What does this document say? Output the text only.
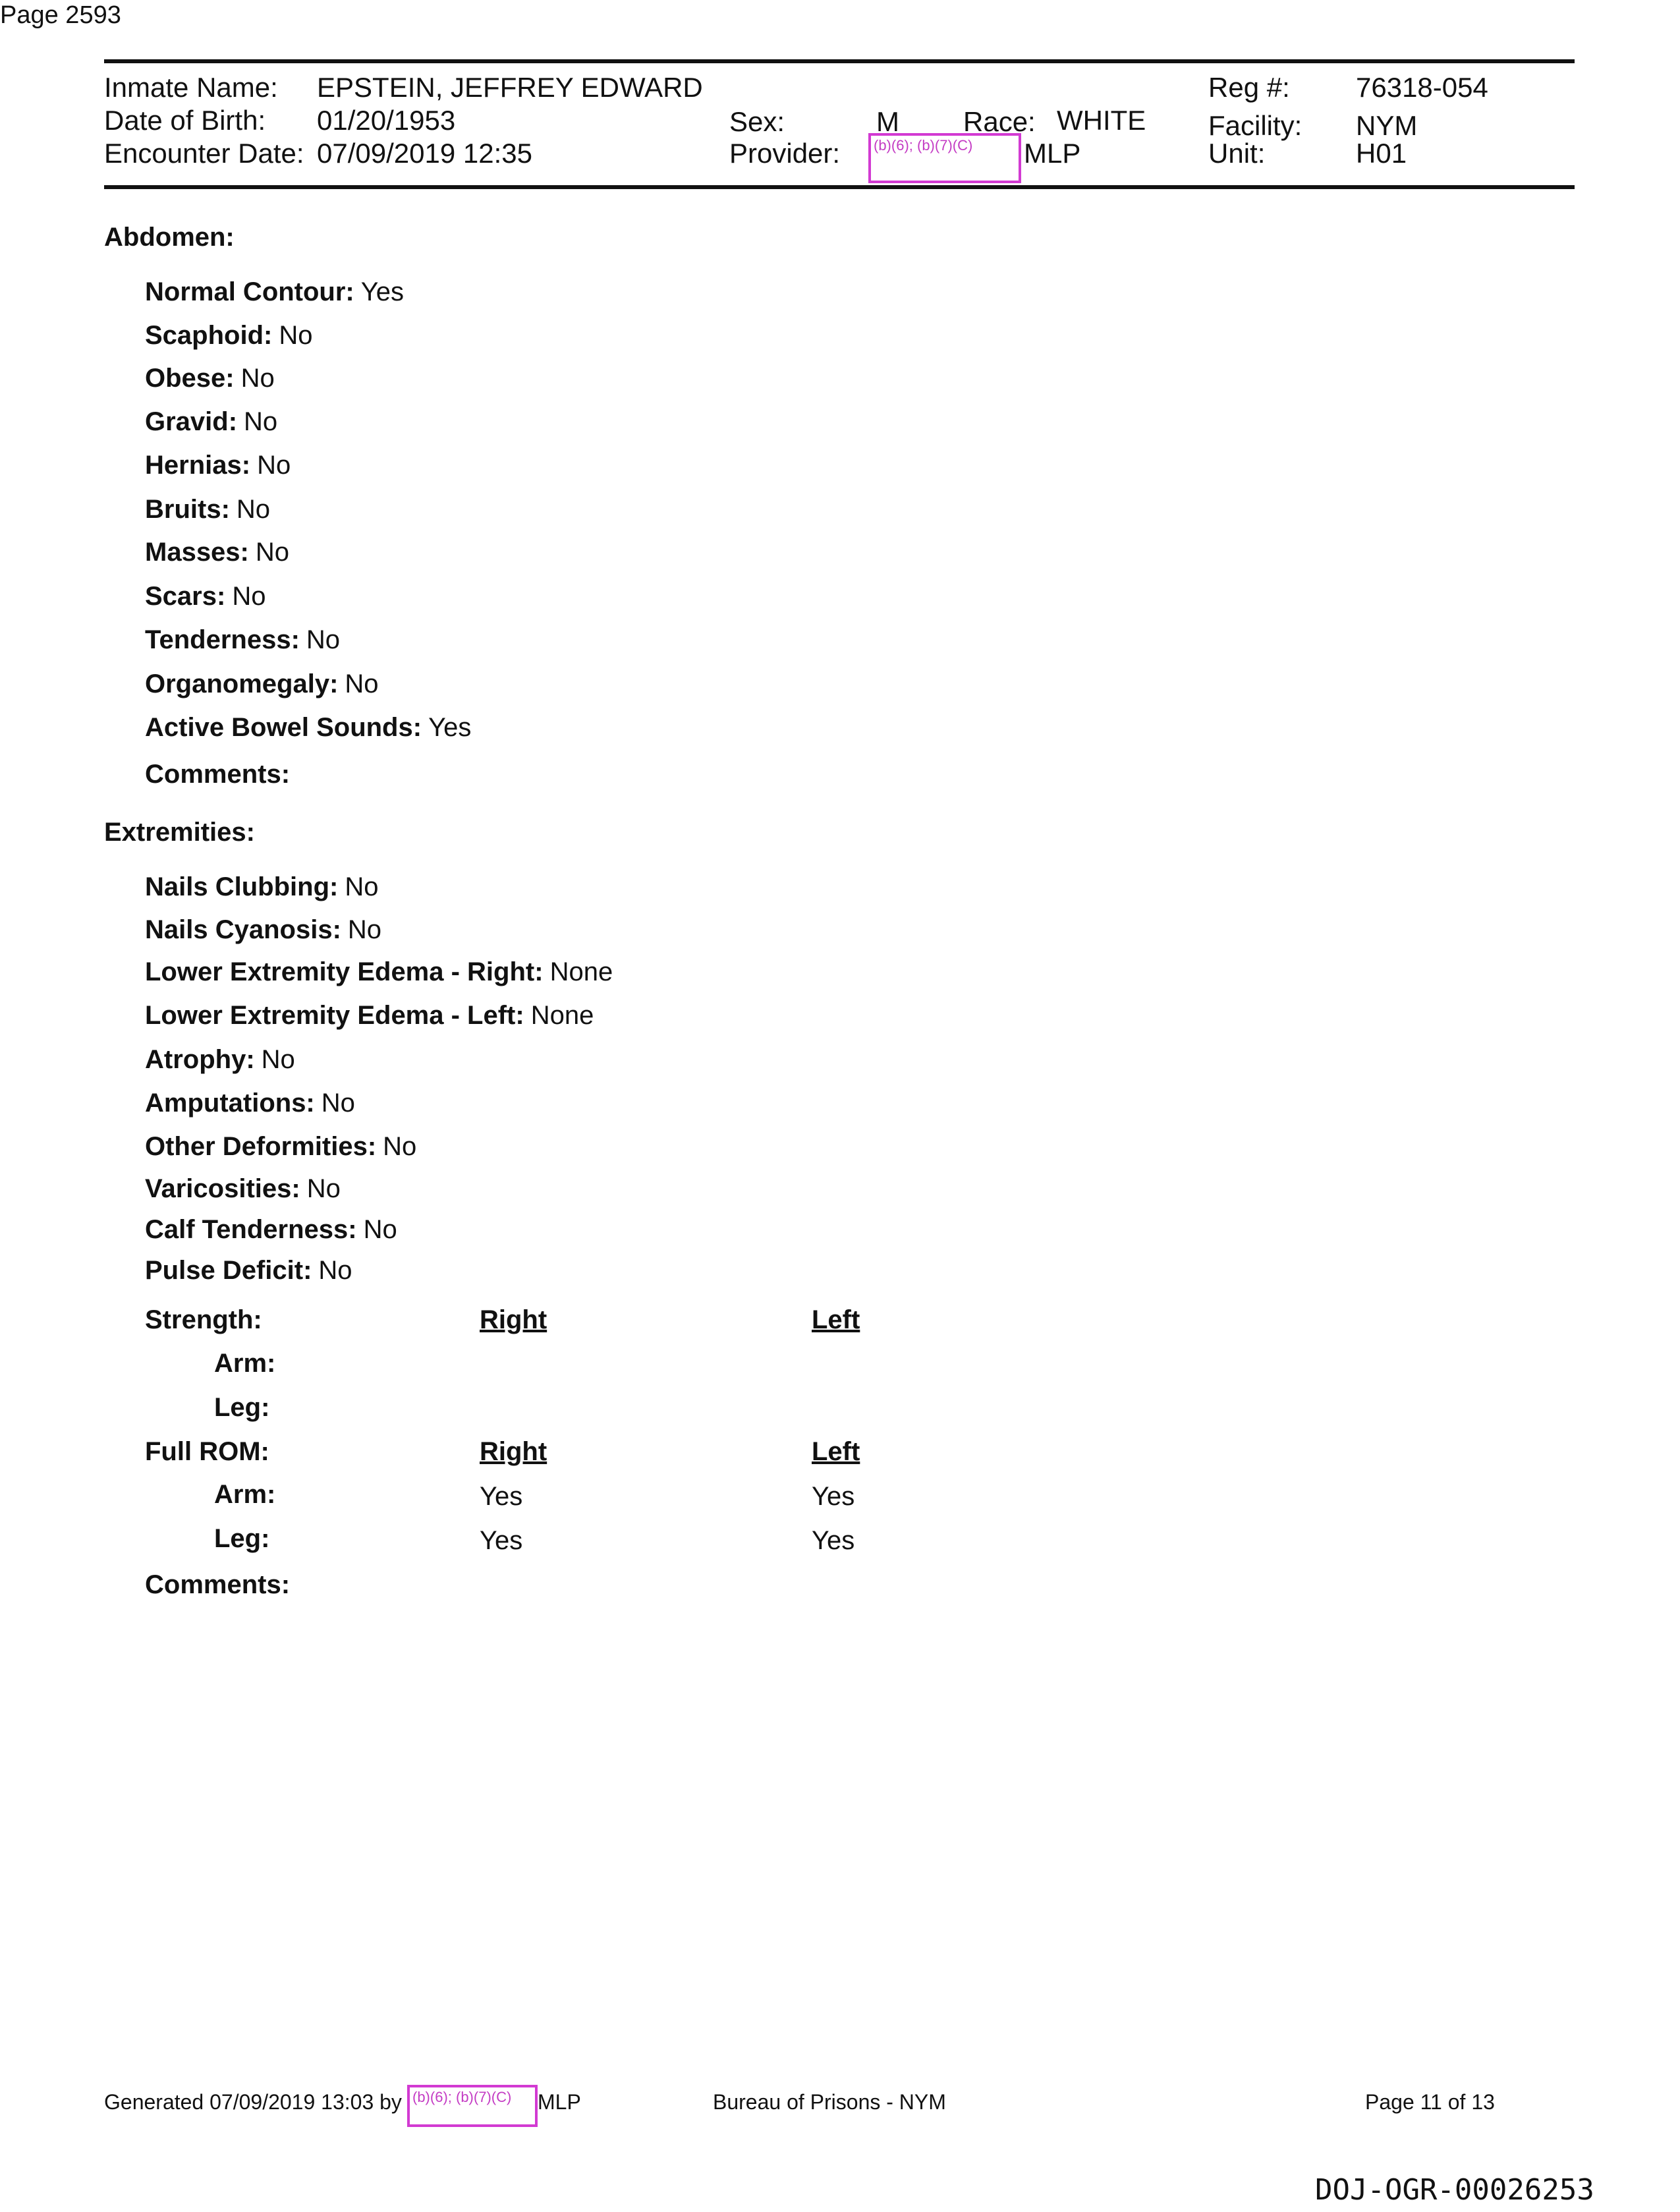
Page 2593
Inmate Name: EPSTEIN, JEFFREY EDWARD
Date of Birth: 01/20/1953
Encounter Date: 07/09/2019 12:35
Sex:	M Race: WHITE
Provider: (b)(6); (b)(7)(C) MLP
Reg #: 76318-054
Facility: NYM
Unit:	H01
Abdomen:
Normal Contour: Yes
Scaphoid: No
Obese: No
Gravid: No
Hernias: No
Bruits: No
Masses: No
Scars: No
Tenderness: No
Organomegaly: No
Active Bowel Sounds: Yes
Comments:
Extremities:
Nails Clubbing: No
Nails Cyanosis: No
Lower Extremity Edema - Right: None
Lower Extremity Edema - Left: None
Atrophy: No
Amputations: No
Other Deformities: No
Varicosities: No
Calf Tenderness: No
Pulse Deficit: No
Strength:	Right	Left
Arm:
Leg:
Full ROM:	Right	Left
Arm:	Yes	Yes
Leg:	Yes	Yes
Comments:
Generated 07/09/2019 13:03 by (b)(6); (b)(7)(C) MLP	Bureau of Prisons - NYM	Page 11 of 13
DOJ-OGR-00026253
